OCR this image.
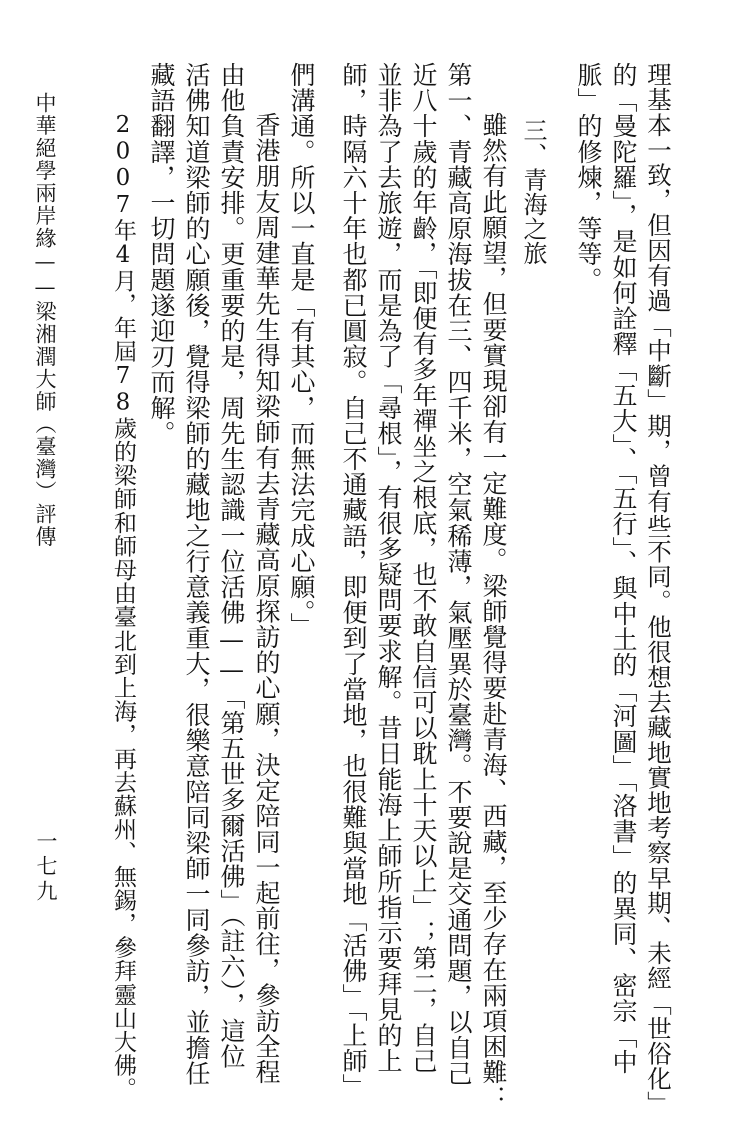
理基本一致，但因有過「中斷」期，曾有些不同。他很想去藏地實地考察早期、未經「世俗化」
的「曼陀羅」，是如何詮釋「五大」、「五行」、與中土的「河圖」「洛書」的異同、密宗「中
脈」的修煉，等等。
三、青海之旅
雖然有此願望，但要實現卻有一定難度。梁師覺得要赴青海、西藏，至少存在兩項困難：
第一、青藏高原海拔在三、四千米，空氣稀薄，氣壓異於臺灣。不要說是交通問題，以自己
近八十歲的年齡，「即便有多年禪坐之根底，也不敢自信可以耽上十天以上」；第二，自己
並非為了去旅遊，而是為了「尋根」，有很多疑問要求解。昔日能海上師所指示要拜見的上
師，時隔六十年也都已圓寂。自己不通藏語，即便到了當地，也很難與當地「活佛」「上師」
們溝通。所以一直是「有其心，而無法完成心願。」
香港朋友周建華先生得知梁師有去青藏高原探訪的心願，決定陪同一起前往，參訪全程
由他負責安排。更重要的是，周先生認識一位活佛——「第五世多爾活佛」（註六），這位
活佛知道梁師的心願後，覺得梁師的藏地之行意義重大，很樂意陪同梁師一同參訪，並擔任
藏語翻譯，一切問題遂迎刃而解。
2007年4月，年屆78歲的梁師和師母由臺北到上海，再去蘇州、無錫，參拜靈山大佛。
中華絕學兩岸緣——梁湘潤大師（臺灣）評傳
一七九
